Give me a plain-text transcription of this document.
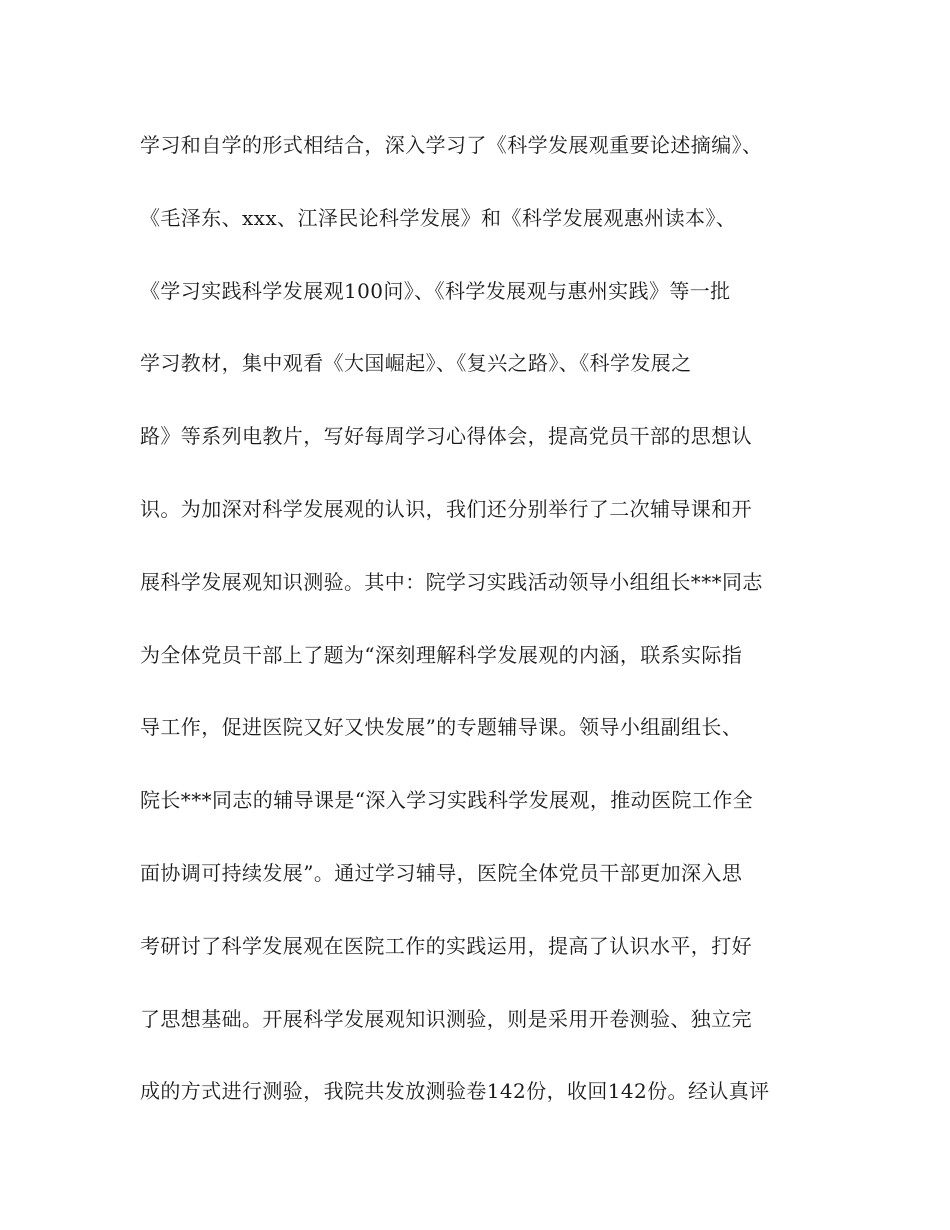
学习和自学的形式相结合，深入学习了《科学发展观重要论述摘编》、
《毛泽东、xxx、江泽民论科学发展》和《科学发展观惠州读本》、
《学习实践科学发展观100问》、《科学发展观与惠州实践》等一批
学习教材，集中观看《大国崛起》、《复兴之路》、《科学发展之
路》等系列电教片，写好每周学习心得体会，提高党员干部的思想认
识。为加深对科学发展观的认识，我们还分别举行了二次辅导课和开
展科学发展观知识测验。其中：院学习实践活动领导小组组长***同志
为全体党员干部上了题为“深刻理解科学发展观的内涵，联系实际指
导工作，促进医院又好又快发展”的专题辅导课。领导小组副组长、
院长***同志的辅导课是“深入学习实践科学发展观，推动医院工作全
面协调可持续发展”。通过学习辅导，医院全体党员干部更加深入思
考研讨了科学发展观在医院工作的实践运用，提高了认识水平，打好
了思想基础。开展科学发展观知识测验，则是采用开卷测验、独立完
成的方式进行测验，我院共发放测验卷142份，收回142份。经认真评
